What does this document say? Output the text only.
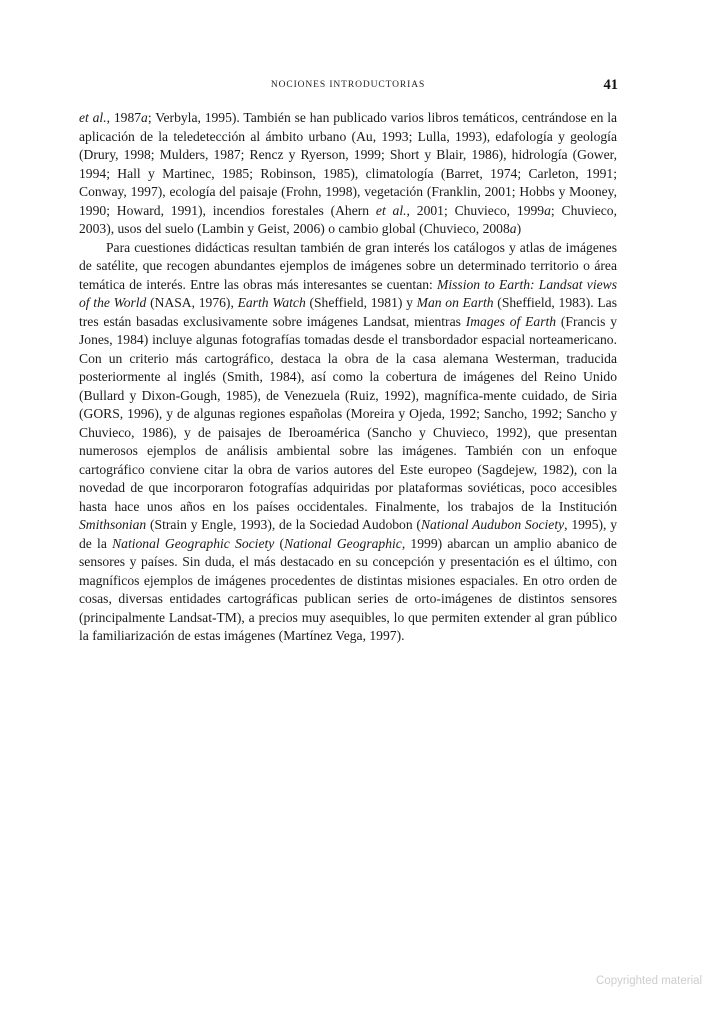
NOCIONES INTRODUCTORIAS	41

et al., 1987a; Verbyla, 1995). También se han publicado varios libros temáticos, centrándose en la aplicación de la teledetección al ámbito urbano (Au, 1993; Lulla, 1993), edafología y geología (Drury, 1998; Mulders, 1987; Rencz y Ryerson, 1999; Short y Blair, 1986), hidrología (Gower, 1994; Hall y Martinec, 1985; Robinson, 1985), climatología (Barret, 1974; Carleton, 1991; Conway, 1997), ecología del paisaje (Frohn, 1998), vegetación (Franklin, 2001; Hobbs y Mooney, 1990; Howard, 1991), incendios forestales (Ahern et al., 2001; Chuvieco, 1999a; Chuvieco, 2003), usos del suelo (Lambin y Geist, 2006) o cambio global (Chuvieco, 2008a)

Para cuestiones didácticas resultan también de gran interés los catálogos y atlas de imágenes de satélite, que recogen abundantes ejemplos de imágenes sobre un determinado territorio o área temática de interés. Entre las obras más interesantes se cuentan: Mission to Earth: Landsat views of the World (NASA, 1976), Earth Watch (Sheffield, 1981) y Man on Earth (Sheffield, 1983). Las tres están basadas exclusivamente sobre imágenes Landsat, mientras Images of Earth (Francis y Jones, 1984) incluye algunas fotografías tomadas desde el transbordador espacial norteamericano. Con un criterio más cartográfico, destaca la obra de la casa alemana Westerman, traducida posteriormente al inglés (Smith, 1984), así como la cobertura de imágenes del Reino Unido (Bullard y Dixon-Gough, 1985), de Venezuela (Ruiz, 1992), magnífica-mente cuidado, de Siria (GORS, 1996), y de algunas regiones españolas (Moreira y Ojeda, 1992; Sancho, 1992; Sancho y Chuvieco, 1986), y de paisajes de Iberoamérica (Sancho y Chuvieco, 1992), que presentan numerosos ejemplos de análisis ambiental sobre las imágenes. También con un enfoque cartográfico conviene citar la obra de varios autores del Este europeo (Sagdejew, 1982), con la novedad de que incorporaron fotografías adquiridas por plataformas soviéticas, poco accesibles hasta hace unos años en los países occidentales. Finalmente, los trabajos de la Institución Smithsonian (Strain y Engle, 1993), de la Sociedad Audobon (National Audubon Society, 1995), y de la National Geographic Society (National Geographic, 1999) abarcan un amplio abanico de sensores y países. Sin duda, el más destacado en su concepción y presentación es el último, con magníficos ejemplos de imágenes procedentes de distintas misiones espaciales. En otro orden de cosas, diversas entidades cartográficas publican series de orto-imágenes de distintos sensores (principalmente Landsat-TM), a precios muy asequibles, lo que permiten extender al gran público la familiarización de estas imágenes (Martínez Vega, 1997).

Copyrighted material
